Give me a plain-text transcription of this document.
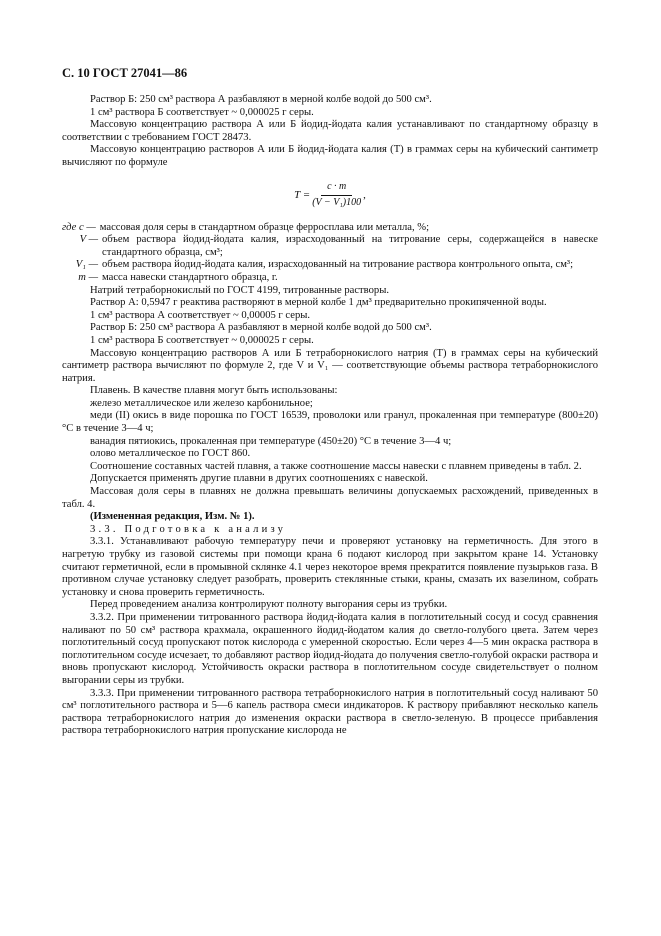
С. 10 ГОСТ 27041—86

Раствор Б: 250 см³ раствора А разбавляют в мерной колбе водой до 500 см³.

1 см³ раствора Б соответствует ~ 0,000025 г серы.

Массовую концентрацию раствора А или Б йодид-йодата калия устанавливают по стандартному образцу в соответствии с требованием ГОСТ 28473.

Массовую концентрацию растворов А или Б йодид-йодата калия (T) в граммах серы на кубический сантиметр вычисляют по формуле

$T = \frac{c \cdot m}{\text{(V − V₁)100}}$ ,
где c — массовая доля серы в стандартном образце ферросплава или металла, %;
V — объем раствора йодид-йодата калия, израсходованный на титрование серы, содержащейся в навеске стандартного образца, см³;
V₁ — объем раствора йодид-йодата калия, израсходованный на титрование раствора контрольного опыта, см³;
m — масса навески стандартного образца, г.

Натрий тетраборнокислый по ГОСТ 4199, титрованные растворы.

Раствор А: 0,5947 г реактива растворяют в мерной колбе 1 дм³ предварительно прокипяченной воды.

1 см³ раствора А соответствует ~ 0,00005 г серы.

Раствор Б: 250 см³ раствора А разбавляют в мерной колбе водой до 500 см³.

1 см³ раствора Б соответствует ~ 0,000025 г серы.

Массовую концентрацию растворов А или Б тетраборнокислого натрия (T) в граммах серы на кубический сантиметр раствора вычисляют по формуле 2, где V и V₁ — соответствующие объемы раствора тетраборнокислого натрия.

Плавень. В качестве плавня могут быть использованы:

железо металлическое или железо карбонильное;

меди (II) окись в виде порошка по ГОСТ 16539, проволоки или гранул, прокаленная при температуре (800±20) °С в течение 3—4 ч;

ванадия пятиокись, прокаленная при температуре (450±20) °С в течение 3—4 ч;

олово металлическое по ГОСТ 860.

Соотношение составных частей плавня, а также соотношение массы навески с плавнем приведены в табл. 2.

Допускается применять другие плавни в других соотношениях с навеской.

Массовая доля серы в плавнях не должна превышать величины допускаемых расхождений, приведенных в табл. 4.

(Измененная редакция, Изм. № 1).

3.3. Подготовка к анализу

3.3.1. Устанавливают рабочую температуру печи и проверяют установку на герметичность. Для этого в нагретую трубку из газовой системы при помощи крана 6 подают кислород при закрытом кране 14. Установку считают герметичной, если в промывной склянке 4.1 через некоторое время прекратится появление пузырьков газа. В противном случае установку следует разобрать, проверить стеклянные стыки, краны, смазать их вазелином, собрать установку и снова проверить герметичность.

Перед проведением анализа контролируют полноту выгорания серы из трубки.

3.3.2. При применении титрованного раствора йодид-йодата калия в поглотительный сосуд и сосуд сравнения наливают по 50 см³ раствора крахмала, окрашенного йодид-йодатом калия до светло-голубого цвета. Затем через поглотительный сосуд пропускают поток кислорода с умеренной скоростью. Если через 4—5 мин окраска раствора в поглотительном сосуде исчезает, то добавляют раствор йодид-йодата до получения светло-голубой окраски раствора и вновь пропускают кислород. Устойчивость окраски раствора в поглотительном сосуде свидетельствует о полном выгорании серы из трубки.

3.3.3. При применении титрованного раствора тетраборнокислого натрия в поглотительный сосуд наливают 50 см³ поглотительного раствора и 5—6 капель раствора смеси индикаторов. К раствору прибавляют несколько капель раствора тетраборнокислого натрия до изменения окраски раствора в светло-зеленую. В процессе прибавления раствора тетраборнокислого натрия пропускание кислорода не
